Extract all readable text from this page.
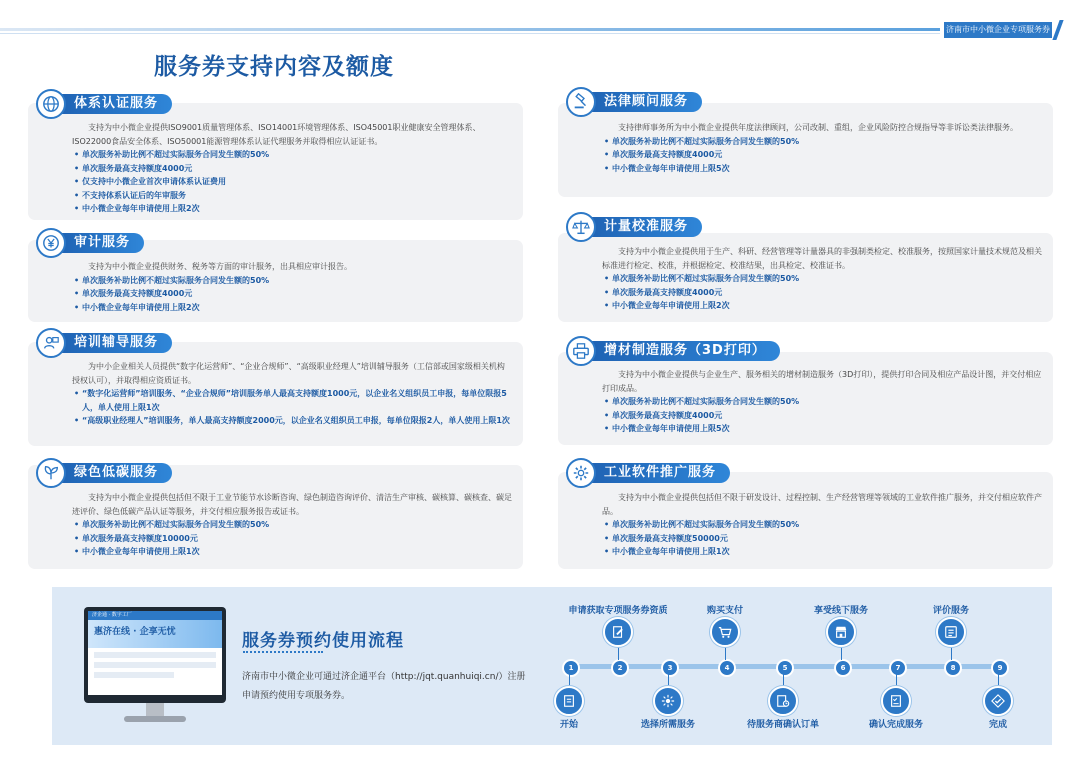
济南市中小微企业专项服务券
服务券支持内容及额度
体系认证服务

支持为中小微企业提供ISO9001质量管理体系、ISO14001环境管理体系、ISO45001职业健康安全管理体系、ISO22000食品安全体系、ISO50001能源管理体系认证代理服务并取得相应认证证书。

• 单次服务补助比例不超过实际服务合同发生额的50%
• 单次服务最高支持额度4000元
• 仅支持中小微企业首次申请体系认证费用
• 不支持体系认证后的年审服务
• 中小微企业每年申请使用上限2次
审计服务

支持为中小微企业提供财务、税务等方面的审计服务，出具相应审计报告。

• 单次服务补助比例不超过实际服务合同发生额的50%
• 单次服务最高支持额度4000元
• 中小微企业每年申请使用上限2次
培训辅导服务

为中小企业相关人员提供“数字化运营师”、“企业合规师”、“高级职业经理人”培训辅导服务（工信部或国家级相关机构授权认可），并取得相应资质证书。

• “数字化运营师”培训服务、“企业合规师”培训服务单人最高支持额度1000元，以企业名义组织员工申报，每单位限报5人，单人使用上限1次
• “高级职业经理人”培训服务，单人最高支持额度2000元，以企业名义组织员工申报，每单位限报2人，单人使用上限1次
绿色低碳服务

支持为中小微企业提供包括但不限于工业节能节水诊断咨询、绿色制造咨询评价、清洁生产审核、碳核算、碳核查、碳足迹评价、绿色低碳产品认证等服务，并交付相应服务报告或证书。

• 单次服务补助比例不超过实际服务合同发生额的50%
• 单次服务最高支持额度10000元
• 中小微企业每年申请使用上限1次
法律顾问服务

支持律师事务所为中小微企业提供年度法律顾问，公司改制、重组，企业风险防控合规指导等非诉讼类法律服务。

• 单次服务补助比例不超过实际服务合同发生额的50%
• 单次服务最高支持额度4000元
• 中小微企业每年申请使用上限5次
计量校准服务

支持为中小微企业提供用于生产、科研、经营管理等计量器具的非强制类检定、校准服务，按照国家计量技术规范及相关标准进行检定、校准，并根据检定、校准结果，出具检定、校准证书。

• 单次服务补助比例不超过实际服务合同发生额的50%
• 单次服务最高支持额度4000元
• 中小微企业每年申请使用上限2次
增材制造服务（3D打印）

支持为中小微企业提供与企业生产、服务相关的增材制造服务（3D打印），提供打印合同及相应产品设计图，并交付相应打印成品。

• 单次服务补助比例不超过实际服务合同发生额的50%
• 单次服务最高支持额度4000元
• 中小微企业每年申请使用上限5次
工业软件推广服务

支持为中小微企业提供包括但不限于研发设计、过程控制、生产经营管理等领域的工业软件推广服务，并交付相应软件产品。

• 单次服务补助比例不超过实际服务合同发生额的50%
• 单次服务最高支持额度50000元
• 中小微企业每年申请使用上限1次
济企通 · 数字工厂
惠济在线 · 企享无忧	服务券预约使用流程
济南市中小微企业可通过济企通平台（http://jqt.quanhuiqi.cn/）注册申请预约使用专项服务券。
1	2	3	4	5	6	7	8	9
申请获取专项服务券资质	购买支付	享受线下服务	评价服务
开始	选择所需服务	待服务商确认订单	确认完成服务	完成
